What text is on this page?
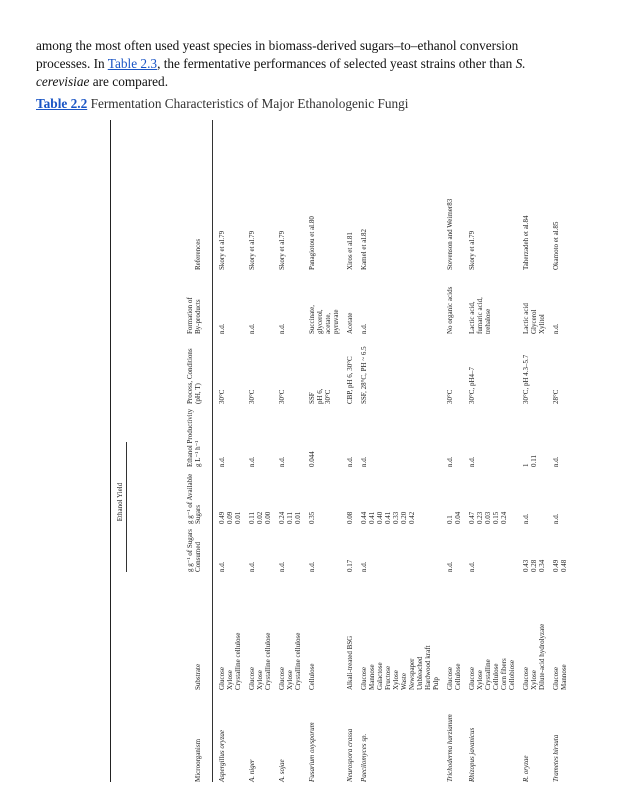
among the most often used yeast species in biomass-derived sugars–to–ethanol conversion
processes. In Table 2.3, the fermentative performances of selected yeast strains other than S.
cerevisiae are compared.
Table 2.2 Fermentation Characteristics of Major Ethanologenic Fungi
Ethanol Yield
Microorganism
Substrate
g g⁻¹ of Sugars Consumed
g g⁻¹ of Available Sugars
Ethanol Productivity g L⁻¹ h⁻¹
Process, Conditions (pH, T)
Formation of By-products
References
Aspergillus oryzae
Glucose Xylose Crystalline cellulose
n.d.
0.49 0.09 0.01
n.d.
30°C
n.d.
Skory et al.79
A. niger
Glucose Xylose Crystalline cellulose
n.d.
0.11 0.02 0.00
n.d.
30°C
n.d.
Skory et al.79
A. sojae
Glucose Xylose Crystalline cellulose
n.d.
0.24 0.11 0.01
n.d.
30°C
n.d.
Skory et al.79
Fusarium oxysporum
Cellulose
n.d.
0.35
0.044
SSF pH 6, 30°C
Succinate, glycerol, acetate, pyruvate
Panagiotou et al.80
Neurospora crassa
Alkali-treated BSG
0.17
0.08
n.d.
CBP, pH 6, 30°C
Acetate
Xiros et al.81
Paecilomyces sp.
Glucose Mannose Galactose Fructose Xylose Waste Newspaper Unbleached Hardwood kraft Pulp
n.d.
0.44 0.41 0.40 0.41 0.33 0.20 0.42
n.d.
SSF, 28°C, PH ~ 6.5
n.d.
Kamel et al.82
Trichoderma harzianum
Glucose Cellulose
n.d.
0.1 0.04
n.d.
30°C
No organic acids
Stevenson and Weimer83
Rhizopus javanicus
Glucose Xylose Crystalline Cellulose Corn fibers Cellobiose
n.d.
0.47 0.23 0.03 0.15 0.24
n.d.
30°C, pH4–7
Lactic acid, fumaric acid, trehalose
Skory et al.79
R. oryzae
Glucose Xylose Dilute-acid hydrolyzate
0.43 0.28 0.34
n.d.
1 0.11
30°C, pH 4.3–5.7
Lactic acid Glycerol Xylitol
Taherzadeh et al.84
Trametes hirsuta
Glucose Mannose
0.49 0.48
n.d.
n.d.
28°C
n.d.
Okamoto et al.85
